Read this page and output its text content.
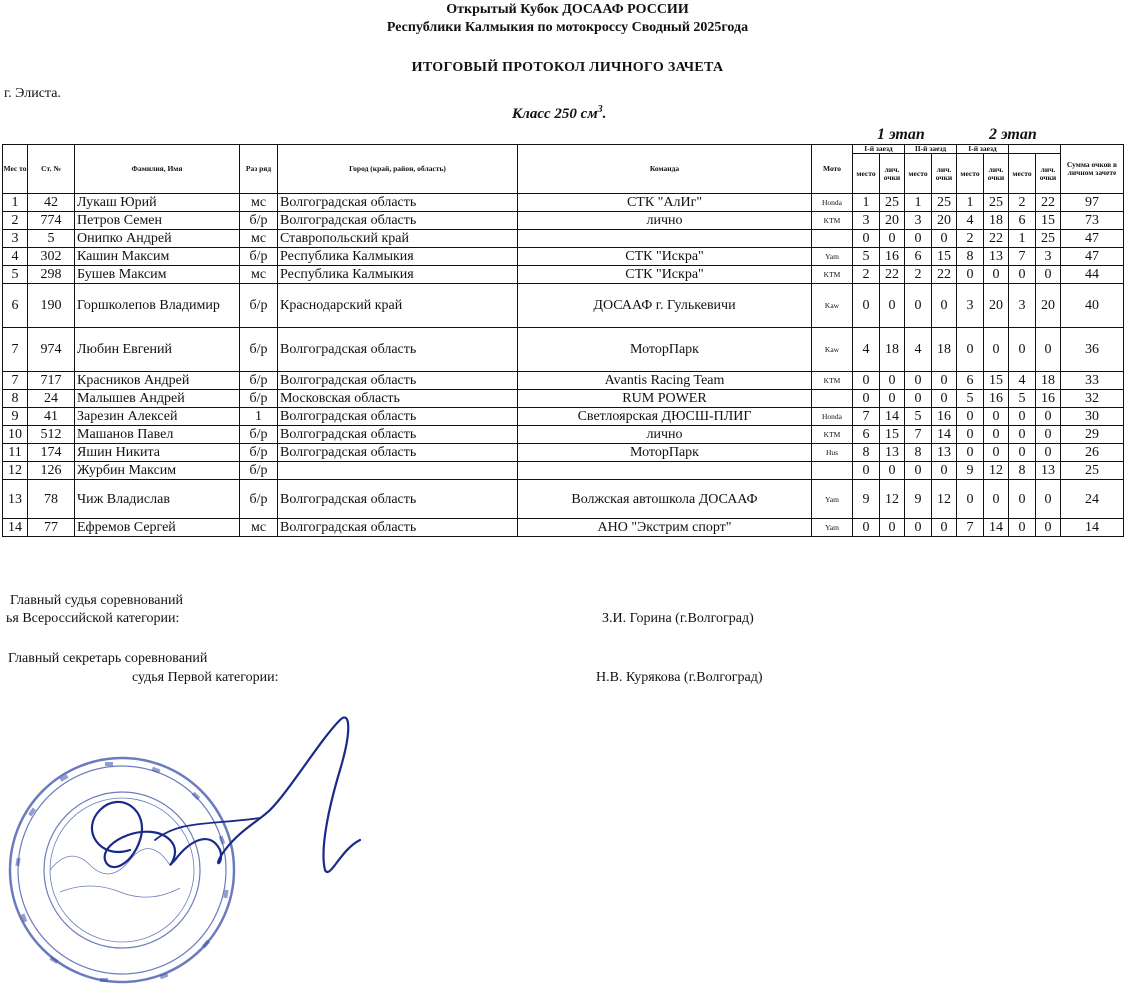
Открытый Кубок ДОСААФ РОССИИ
Республики Калмыкия по мотокроссу Сводный 2025года
ИТОГОВЫЙ ПРОТОКОЛ ЛИЧНОГО ЗАЧЕТА
г. Элиста.
Класс 250 $см^3$.
1 этап	2 этап
Мес то	Ст. №	Фамилия, Имя	Раз ряд	Город (край, район, область)	Команда	Мото	I-й заезд		II-й заезд		I-й заезд				Сумма очков в личном зачете
							место	лич. очки	место	лич. очки	место	лич. очки	место	лич. очки	
1	42	Лукаш Юрий	мс	Волгоградская область	СТК "АлИг"	Honda	1	25	1	25	1	25	2	22	97
2	774	Петров Семен	б/р	Волгоградская область	лично	KTM	3	20	3	20	4	18	6	15	73
3	5	Онипко Андрей	мс	Ставропольский край			0	0	0	0	2	22	1	25	47
4	302	Кашин Максим	б/р	Республика Калмыкия	СТК "Искра"	Yam	5	16	6	15	8	13	7	3	47
5	298	Бушев Максим	мс	Республика Калмыкия	СТК "Искра"	KTM	2	22	2	22	0	0	0	0	44
6	190	Горшколепов Владимир	б/р	Краснодарский край	ДОСААФ г. Гулькевичи	Kaw	0	0	0	0	3	20	3	20	40
7	974	Любин Евгений	б/р	Волгоградская область	МоторПарк	Kaw	4	18	4	18	0	0	0	0	36
7	717	Красников Андрей	б/р	Волгоградская область	Avantis Racing Team	KTM	0	0	0	0	6	15	4	18	33
8	24	Малышев Андрей	б/р	Московская область	RUM POWER		0	0	0	0	5	16	5	16	32
9	41	Зарезин Алексей	1	Волгоградская область	Светлоярская ДЮСШ-ПЛИГ	Honda	7	14	5	16	0	0	0	0	30
10	512	Машанов Павел	б/р	Волгоградская область	лично	KTM	6	15	7	14	0	0	0	0	29
11	174	Яшин Никита	б/р	Волгоградская область	МоторПарк	Hus	8	13	8	13	0	0	0	0	26
12	126	Журбин Максим	б/р				0	0	0	0	9	12	8	13	25
13	78	Чиж Владислав	б/р	Волгоградская область	Волжская автошкола ДОСААФ	Yam	9	12	9	12	0	0	0	0	24
14	77	Ефремов Сергей	мс	Волгоградская область	АНО "Экстрим спорт"	Yam	0	0	0	0	7	14	0	0	14
Главный судья соревнований
ья Всероссийской категории:	З.И. Горина (г.Волгоград)
Главный секретарь соревнований
судья Первой категории:	Н.В. Курякова (г.Волгоград)
